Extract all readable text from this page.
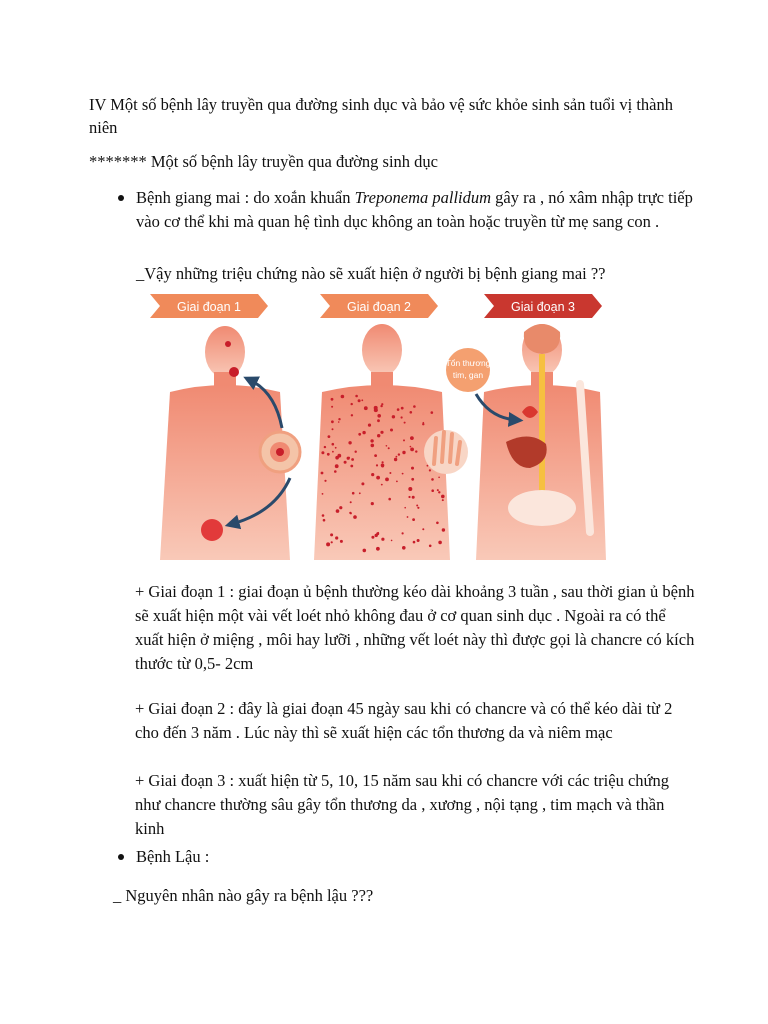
IV Một số bệnh lây truyền qua đường sinh dục và bảo vệ sức khỏe sinh sản tuổi vị thành niên

******* Một số bệnh lây truyền qua đường sinh dục

Bệnh giang mai : do xoắn khuẩn Treponema pallidum gây ra , nó xâm nhập trực tiếp vào cơ thể khi mà quan hệ tình dục không an toàn hoặc truyền từ mẹ sang con .

_Vậy những triệu chứng nào sẽ xuất hiện ở người bị bệnh giang mai ??

Giai đoạn 1	Giai đoạn 2	Giai đoạn 3
Tổn thương
tim, gan

+ Giai đoạn 1 : giai đoạn ủ bệnh thường kéo dài khoảng 3 tuần , sau thời gian ủ bệnh sẽ xuất hiện một vài vết loét nhỏ không đau ở cơ quan sinh dục . Ngoài ra có thể xuất hiện ở miệng , môi hay lưỡi , những vết loét này thì được gọi là chancre có kích thước từ 0,5- 2cm

+ Giai đoạn 2 : đây là giai đoạn 45 ngày sau khi có chancre và có thể kéo dài từ 2 cho đến 3 năm . Lúc này thì sẽ xuất hiện các tổn thương da và niêm mạc

+ Giai đoạn 3 : xuất hiện từ 5, 10, 15 năm sau khi có chancre với các triệu chứng như chancre thường sâu gây tổn thương da , xương , nội tạng , tim mạch và thần kinh

Bệnh Lậu :

_ Nguyên nhân nào gây ra bệnh lậu ???
